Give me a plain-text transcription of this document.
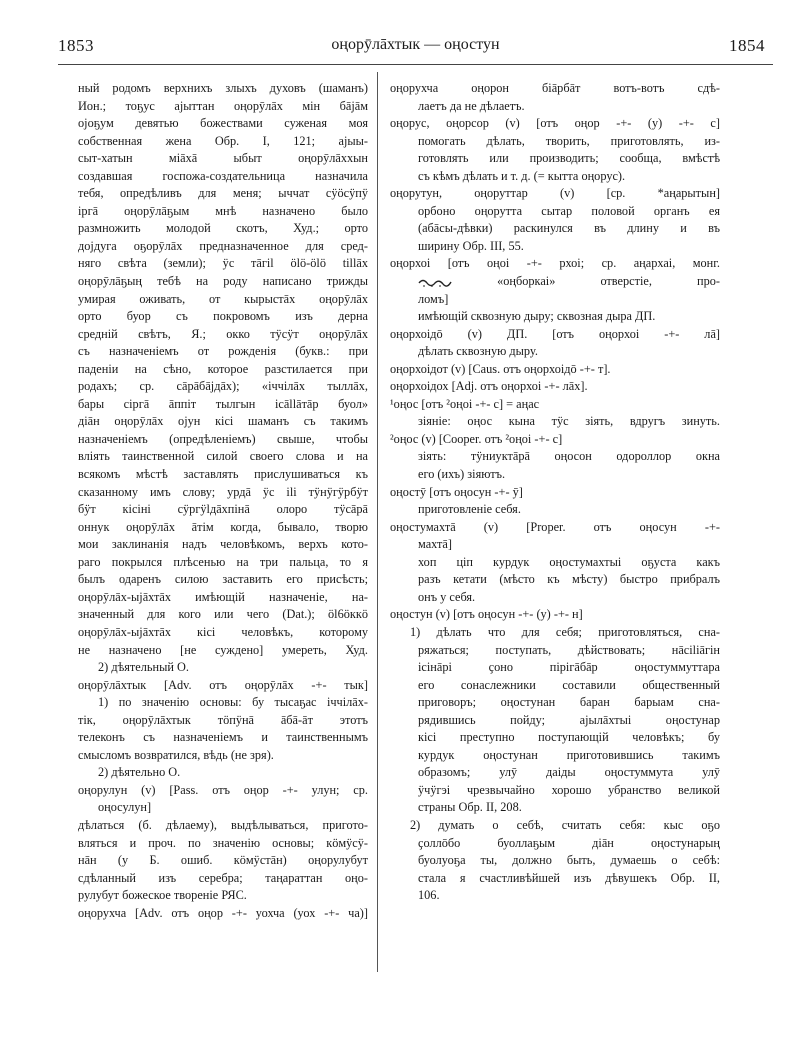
оңорӯлāхтык — оңостун
1853	1854
ный родомъ верхнихъ злыхъ духовъ (шаманъ)
Ион.; тоҕус аjыттан оңорӯлāх мін бājāм
оjоҕум девятью божествами суженая моя
собственная жена Обр. I, 121; аjыы-
сыт-хатын міāхā ыбыт оңорӯлāххын
создавшая госпожа-создательница назначила
тебя, опредѣливъ для меня; ыччат сӱöсӱпӱ
іргā оңорӯлāҕым мнѣ назначено было
размножить молодой скотъ, Худ.; орто
доjдуга оҕорӯлāх предназначенное для сред-
няго свѣта (земли); ӱс тāгіl ölö-ölö tillāх
оңорӯлāҕың тебѣ на роду написано трижды
умирая оживать, от кырыстāх оңорӯлāх
орто буор съ покровомъ изъ дерна
средній свѣтъ, Я.; окко тӱсӱт оңорӯлāх
съ назначеніемъ от рожденія (букв.: при
паденіи на сѣно, которое разстилается при
родахъ; ср. сāрāбājдāх); «іччілāх тыллāх,
бары сіргā āппіт тылгын ісāllāтāр буол»
дiāн оңорӯлāх оjун кісі шаманъ съ такимъ
назначеніемъ (опредѣленіемъ) свыше, чтобы
вліять таинственной силой своего слова и на
всякомъ мѣстѣ заставлять прислушиваться къ
сказанному имъ слову; урдā ӱс іlі тӱнӱгӱрбӱт
бӱт кісіні сӱргӱlдāхпінā олоро тӱсāрā
оннук оңорӯлāх āтім когда, бывало, творю
мои заклинанія надъ человѣкомъ, верхъ кото-
раго покрылся плѣсенью на три пальца, то я
былъ одаренъ силою заставить его присѣсть;
оңорӯлāх-ыjāхтāх имѣющій назначеніе, на-
значенный для кого или чего (Dat.); öl6ӧккӧ
оңорӯлāх-ыjāхтāх кісі человѣкъ, которому
не назначено [не суждено] умереть, Худ.
2) дѣятельный О.
оңорӯлāхтык [Adv. отъ оңорӯлāх -+- тык]
1) по значенію основы: бу тысаҕас іччілāх-
тік, оңорӯлāхтык тöпӱнā āбā-āт этотъ
телеконъ съ назначеніемъ и таинственнымъ
смысломъ возвратился, вѣдь (не зря).
2) дѣятельно О.
оңорулун (v) [Pass. отъ оңор -+- улун; ср.
оңосулун]
дѣлаться (б. дѣлаему), выдѣлываться, пригото-
вляться и проч. по значенію основы; кӧмӱсӱ-
нāн (у Б. ошиб. кӧмӱстāн) оңорулубут
сдѣланный изъ серебра; таңараттан оңо-
рулубут божеское твореніе РЯС.
оңорухча [Adv. отъ оңор -+- уохча (уох -+- ча)]
оңорухча оңорон біāрбāт вотъ-вотъ сдѣ-
лаетъ да не дѣлаетъ.
оңорус, оңорсор (v) [отъ оңор -+- (у) -+- с]
помогать дѣлать, творить, приготовлять, из-
готовлять или производить; сообща, вмѣстѣ
съ кѣмъ дѣлать и т. д. (= кытта оңорус).
оңорутун, оңоруттар (v) [ср. *аңарытын]
орбоно оңорутта сытар половой органъ ея
(абāсы-дѣвки) раскинулся въ длину и въ
ширину Обр. III, 55.
оңорхоі [отъ оңоі -+- рхоі; ср. аңархаі, монг.
«оңборкаі» отверстіе, про-
ломъ]
имѣющій сквозную дыру; сквозная дыра ДП.
оңорхоідō (v) ДП. [отъ оңорхоі -+- лā]
дѣлать сквозную дыру.
оңорхоідот (v) [Caus. отъ оңорхоідō -+- т].
оңорхоідох [Adj. отъ оңорхоі -+- лāх].
¹оңос [отъ ²оңоі -+- с] = аңас
зіяніе: оңос кына тӱс зіять, вдругъ зинуть.
²оңос (v) [Cooper. отъ ²оңоі -+- с]
зіять: тӱниуктāрā оңосон одороллор окна
его (ихъ) зіяютъ.
оңостӯ [отъ оңосун -+- ӯ]
приготовленіе себя.
оңостумахтā (v) [Proper. отъ оңосун -+-
махтā]
хоп ціп курдук оңостумахтыі оҕуста какъ
разъ кетати (мѣсто къ мѣсту) быстро прибралъ
онъ у себя.
оңостун (v) [отъ оңосун -+- (у) -+- н]
1) дѣлать что для себя; приготовляться, сна-
ряжаться; поступать, дѣйствовать; нāсіlіāгін
ісінāрі ҫоно пірігāбāр оңостуммуттара
его сонаслежники составили общественный
приговоръ; оңостунан баран барыам сна-
рядившись пойду; аjылāхтыі оңостунар
кісі преступно поступающій человѣкъ; бу
курдук оңостунан приготовившись такимъ
образомъ; улӯ даіды оңостуммута улӯ
ӱчӱгэі чрезвычайно хорошо убранство великой
страны Обр. II, 208.
2) думать о себѣ, считать себя: кыс оҕо
ҫоллōбо буоллаҕым діāн оңостунарың
буолуоҕа ты, должно быть, думаешь о себѣ:
стала я счастливѣйшей изъ дѣвушекъ Обр. II,
106.
